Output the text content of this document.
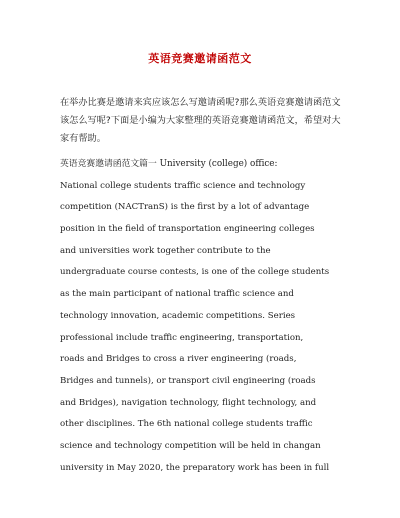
英语竞赛邀请函范文
在举办比赛是邀请来宾应该怎么写邀请函呢?那么英语竞赛邀请函范文该怎么写呢?下面是小编为大家整理的英语竞赛邀请函范文，希望对大家有帮助。
英语竞赛邀请函范文篇一 University (college) office:
National college students traffic science and technology
competition (NACTranS) is the first by a lot of advantage
position in the field of transportation engineering colleges
and universities work together contribute to the
undergraduate course contests, is one of the college students
as the main participant of national traffic science and
technology innovation, academic competitions. Series
professional include traffic engineering, transportation,
roads and Bridges to cross a river engineering (roads,
Bridges and tunnels), or transport civil engineering (roads
and Bridges), navigation technology, flight technology, and
other disciplines. The 6th national college students traffic
science and technology competition will be held in changan
university in May 2020, the preparatory work has been in full
